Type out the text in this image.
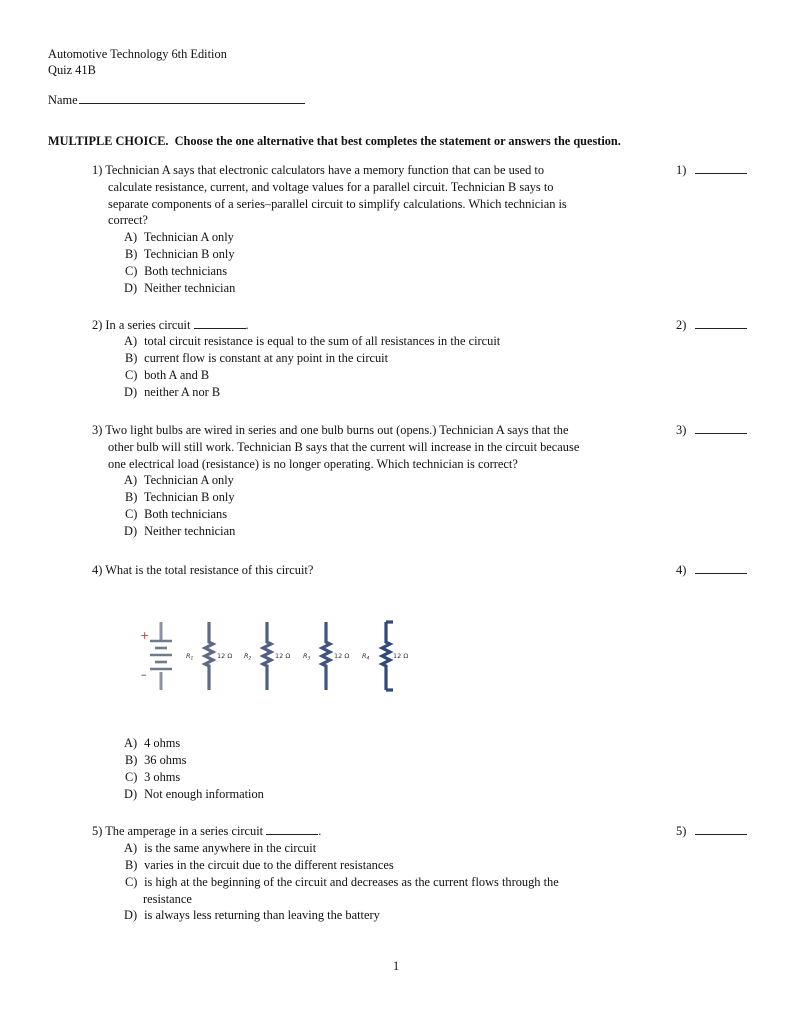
Automotive Technology 6th Edition
Quiz 41B
Name
MULTIPLE CHOICE. Choose the one alternative that best completes the statement or answers the question.
1) Technician A says that electronic calculators have a memory function that can be used to
calculate resistance, current, and voltage values for a parallel circuit. Technician B says to
separate components of a series–parallel circuit to simplify calculations. Which technician is
correct?
A) Technician A only
B) Technician B only
C) Both technicians
D) Neither technician
1)
2) In a series circuit	.
A) total circuit resistance is equal to the sum of all resistances in the circuit
B) current flow is constant at any point in the circuit
C) both A and B
D) neither A nor B
2)
3) Two light bulbs are wired in series and one bulb burns out (opens.) Technician A says that the
other bulb will still work. Technician B says that the current will increase in the circuit because
one electrical load (resistance) is no longer operating. Which technician is correct?
A) Technician A only
B) Technician B only
C) Both technicians
D) Neither technician
3)
4) What is the total resistance of this circuit?	4)
+
–
$R_1$	12 Ω $R_2$	12 Ω $R_3$	12 Ω $R_4$	12 Ω
A) 4 ohms
B) 36 ohms
C) 3 ohms
D) Not enough information
5) The amperage in a series circuit	.
A) is the same anywhere in the circuit
B) varies in the circuit due to the different resistances
C) is high at the beginning of the circuit and decreases as the current flows through the
resistance
D) is always less returning than leaving the battery
5)
1
